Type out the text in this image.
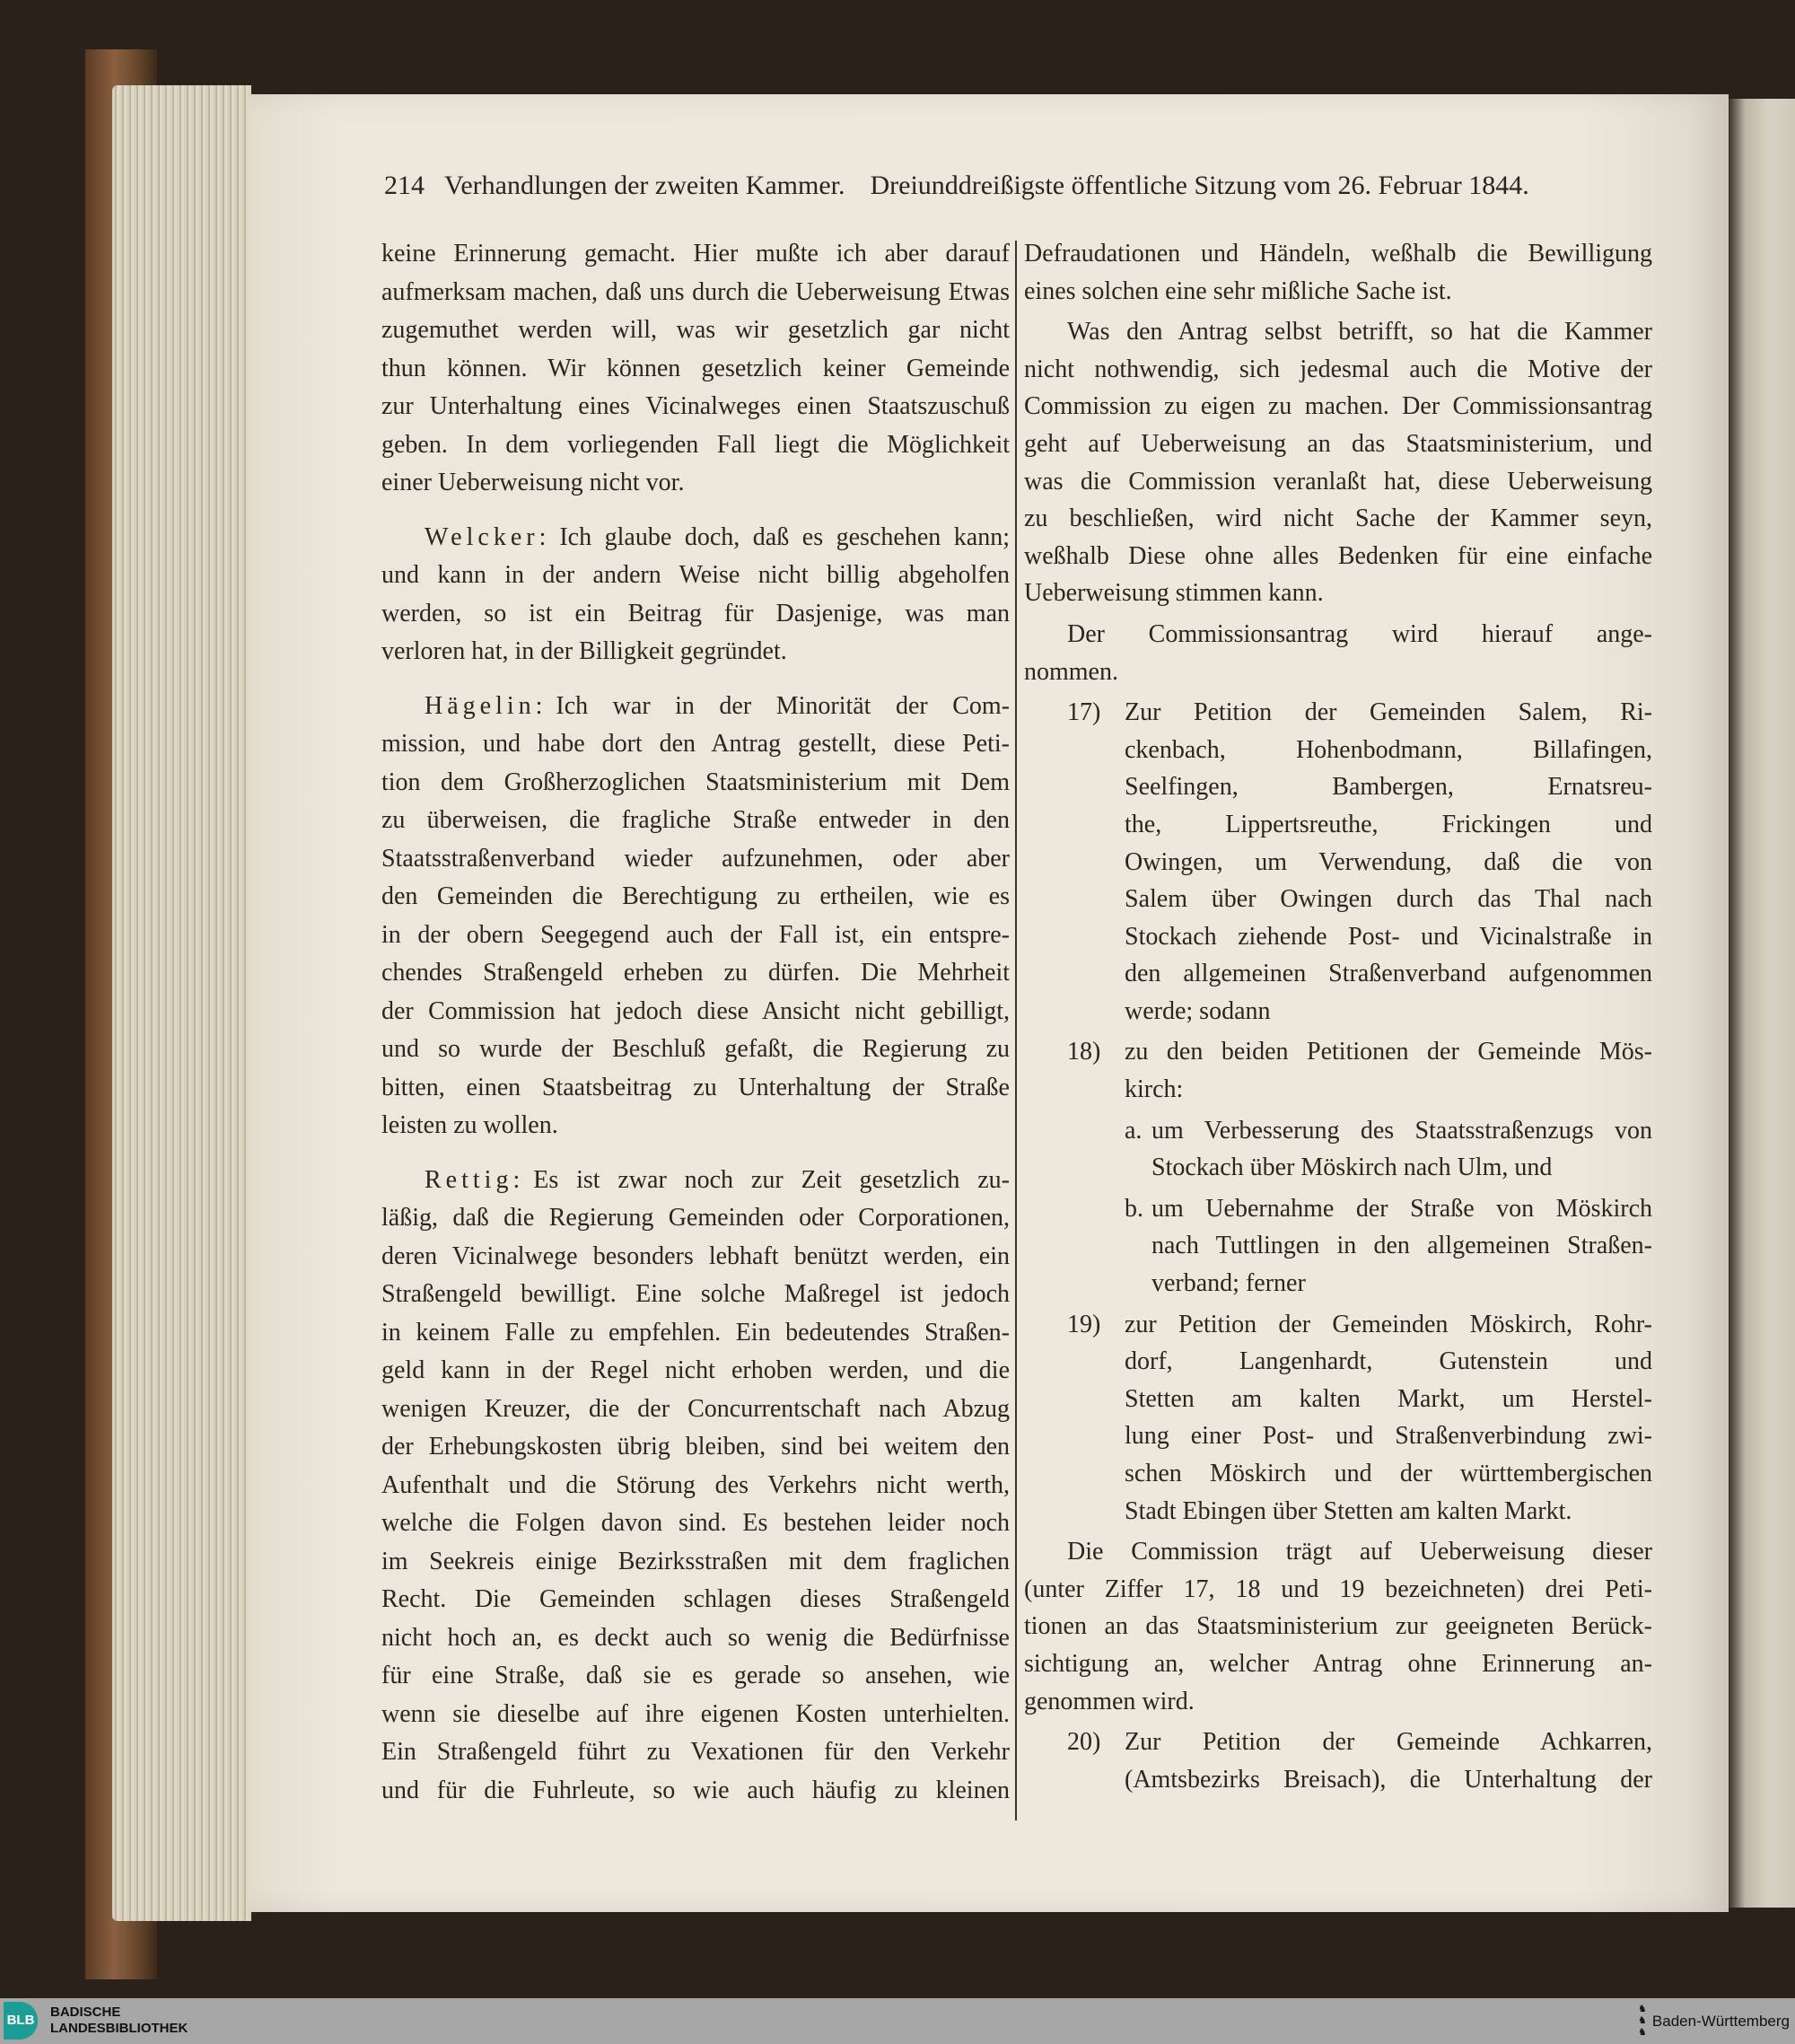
214 Verhandlungen der zweiten Kammer. Dreiunddreißigste öffentliche Sitzung vom 26. Februar 1844.
keine Erinnerung gemacht. Hier mußte ich aber darauf
aufmerksam machen, daß uns durch die Ueberweisung Etwas
zugemuthet werden will, was wir gesetzlich gar nicht
thun können. Wir können gesetzlich keiner Gemeinde
zur Unterhaltung eines Vicinalweges einen Staatszuschuß
geben. In dem vorliegenden Fall liegt die Möglichkeit
einer Ueberweisung nicht vor.
Welcker: Ich glaube doch, daß es geschehen kann;
und kann in der andern Weise nicht billig abgeholfen
werden, so ist ein Beitrag für Dasjenige, was man
verloren hat, in der Billigkeit gegründet.
Hägelin: Ich war in der Minorität der Com-
mission, und habe dort den Antrag gestellt, diese Peti-
tion dem Großherzoglichen Staatsministerium mit Dem
zu überweisen, die fragliche Straße entweder in den
Staatsstraßenverband wieder aufzunehmen, oder aber
den Gemeinden die Berechtigung zu ertheilen, wie es
in der obern Seegegend auch der Fall ist, ein entspre-
chendes Straßengeld erheben zu dürfen. Die Mehrheit
der Commission hat jedoch diese Ansicht nicht gebilligt,
und so wurde der Beschluß gefaßt, die Regierung zu
bitten, einen Staatsbeitrag zu Unterhaltung der Straße
leisten zu wollen.
Rettig: Es ist zwar noch zur Zeit gesetzlich zu-
läßig, daß die Regierung Gemeinden oder Corporationen,
deren Vicinalwege besonders lebhaft benützt werden, ein
Straßengeld bewilligt. Eine solche Maßregel ist jedoch
in keinem Falle zu empfehlen. Ein bedeutendes Straßen-
geld kann in der Regel nicht erhoben werden, und die
wenigen Kreuzer, die der Concurrentschaft nach Abzug
der Erhebungskosten übrig bleiben, sind bei weitem den
Aufenthalt und die Störung des Verkehrs nicht werth,
welche die Folgen davon sind. Es bestehen leider noch
im Seekreis einige Bezirksstraßen mit dem fraglichen
Recht. Die Gemeinden schlagen dieses Straßengeld
nicht hoch an, es deckt auch so wenig die Bedürfnisse
für eine Straße, daß sie es gerade so ansehen, wie
wenn sie dieselbe auf ihre eigenen Kosten unterhielten.
Ein Straßengeld führt zu Vexationen für den Verkehr
und für die Fuhrleute, so wie auch häufig zu kleinen
Defraudationen und Händeln, weßhalb die Bewilligung
eines solchen eine sehr mißliche Sache ist.
Was den Antrag selbst betrifft, so hat die Kammer
nicht nothwendig, sich jedesmal auch die Motive der
Commission zu eigen zu machen. Der Commissionsantrag
geht auf Ueberweisung an das Staatsministerium, und
was die Commission veranlaßt hat, diese Ueberweisung
zu beschließen, wird nicht Sache der Kammer seyn,
weßhalb Diese ohne alles Bedenken für eine einfache
Ueberweisung stimmen kann.
Der Commissionsantrag wird hierauf ange-
nommen.
17) Zur Petition der Gemeinden Salem, Ri-
ckenbach, Hohenbodmann, Billafingen,
Seelfingen, Bambergen, Ernatsreu-
the, Lippertsreuthe, Frickingen und
Owingen, um Verwendung, daß die von
Salem über Owingen durch das Thal nach
Stockach ziehende Post- und Vicinalstraße in
den allgemeinen Straßenverband aufgenommen
werde; sodann
18) zu den beiden Petitionen der Gemeinde Mös-
kirch:
a. um Verbesserung des Staatsstraßenzugs von
Stockach über Möskirch nach Ulm, und
b. um Uebernahme der Straße von Möskirch
nach Tuttlingen in den allgemeinen Straßen-
verband; ferner
19) zur Petition der Gemeinden Möskirch, Rohr-
dorf, Langenhardt, Gutenstein und
Stetten am kalten Markt, um Herstel-
lung einer Post- und Straßenverbindung zwi-
schen Möskirch und der württembergischen
Stadt Ebingen über Stetten am kalten Markt.
Die Commission trägt auf Ueberweisung dieser
(unter Ziffer 17, 18 und 19 bezeichneten) drei Peti-
tionen an das Staatsministerium zur geeigneten Berück-
sichtigung an, welcher Antrag ohne Erinnerung an-
genommen wird.
20) Zur Petition der Gemeinde Achkarren,
(Amtsbezirks Breisach), die Unterhaltung der
BLB
BADISCHE
LANDESBIBLIOTHEK
♞
♞
♞
Baden-Württemberg
